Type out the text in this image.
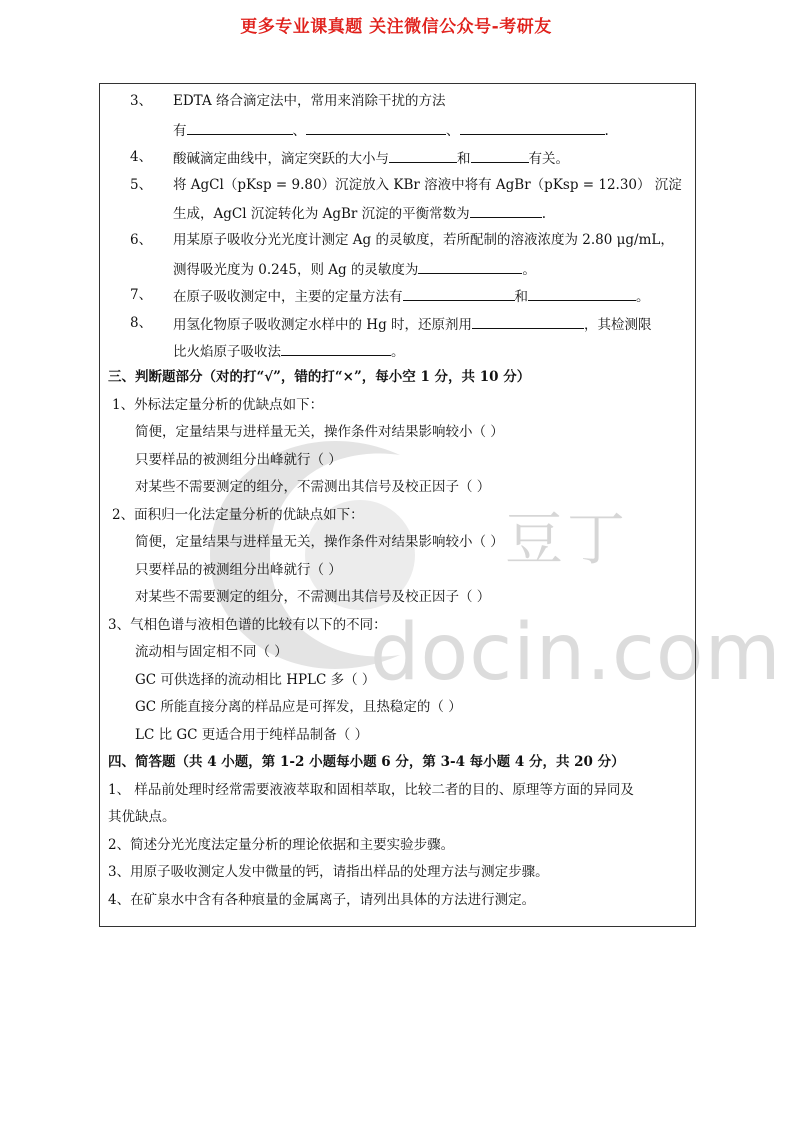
更多专业课真题 关注微信公众号-考研友
豆丁
docin.com
3、 EDTA 络合滴定法中，常用来消除干扰的方法
有	、	、	.
4、 酸碱滴定曲线中，滴定突跃的大小与	和	有关。
5、 将 AgCl（pKsp = 9.80）沉淀放入 KBr 溶液中将有 AgBr（pKsp = 12.30） 沉淀
生成，AgCl 沉淀转化为 AgBr 沉淀的平衡常数为	.
6、 用某原子吸收分光光度计测定 Ag 的灵敏度，若所配制的溶液浓度为 2.80 μg/mL，
测得吸光度为 0.245，则 Ag 的灵敏度为	。
7、 在原子吸收测定中，主要的定量方法有	和	。
8、 用氢化物原子吸收测定水样中的 Hg 时，还原剂用	，其检测限
比火焰原子吸收法	。
三、判断题部分（对的打“√”，错的打“×”，每小空 1 分，共 10 分）
1、外标法定量分析的优缺点如下：
简便，定量结果与进样量无关，操作条件对结果影响较小（ ）
只要样品的被测组分出峰就行（ ）
对某些不需要测定的组分，不需测出其信号及校正因子（ ）
2、面积归一化法定量分析的优缺点如下：
简便，定量结果与进样量无关，操作条件对结果影响较小（ ）
只要样品的被测组分出峰就行（ ）
对某些不需要测定的组分，不需测出其信号及校正因子（ ）
3、气相色谱与液相色谱的比较有以下的不同：
流动相与固定相不同（ ）
GC 可供选择的流动相比 HPLC 多（ ）
GC 所能直接分离的样品应是可挥发，且热稳定的（ ）
LC 比 GC 更适合用于纯样品制备（ ）
四、简答题（共 4 小题，第 1-2 小题每小题 6 分，第 3-4 每小题 4 分，共 20 分）
1、 样品前处理时经常需要液液萃取和固相萃取，比较二者的目的、原理等方面的异同及
其优缺点。
2、简述分光光度法定量分析的理论依据和主要实验步骤。
3、用原子吸收测定人发中微量的钙，请指出样品的处理方法与测定步骤。
4、在矿泉水中含有各种痕量的金属离子，请列出具体的方法进行测定。
